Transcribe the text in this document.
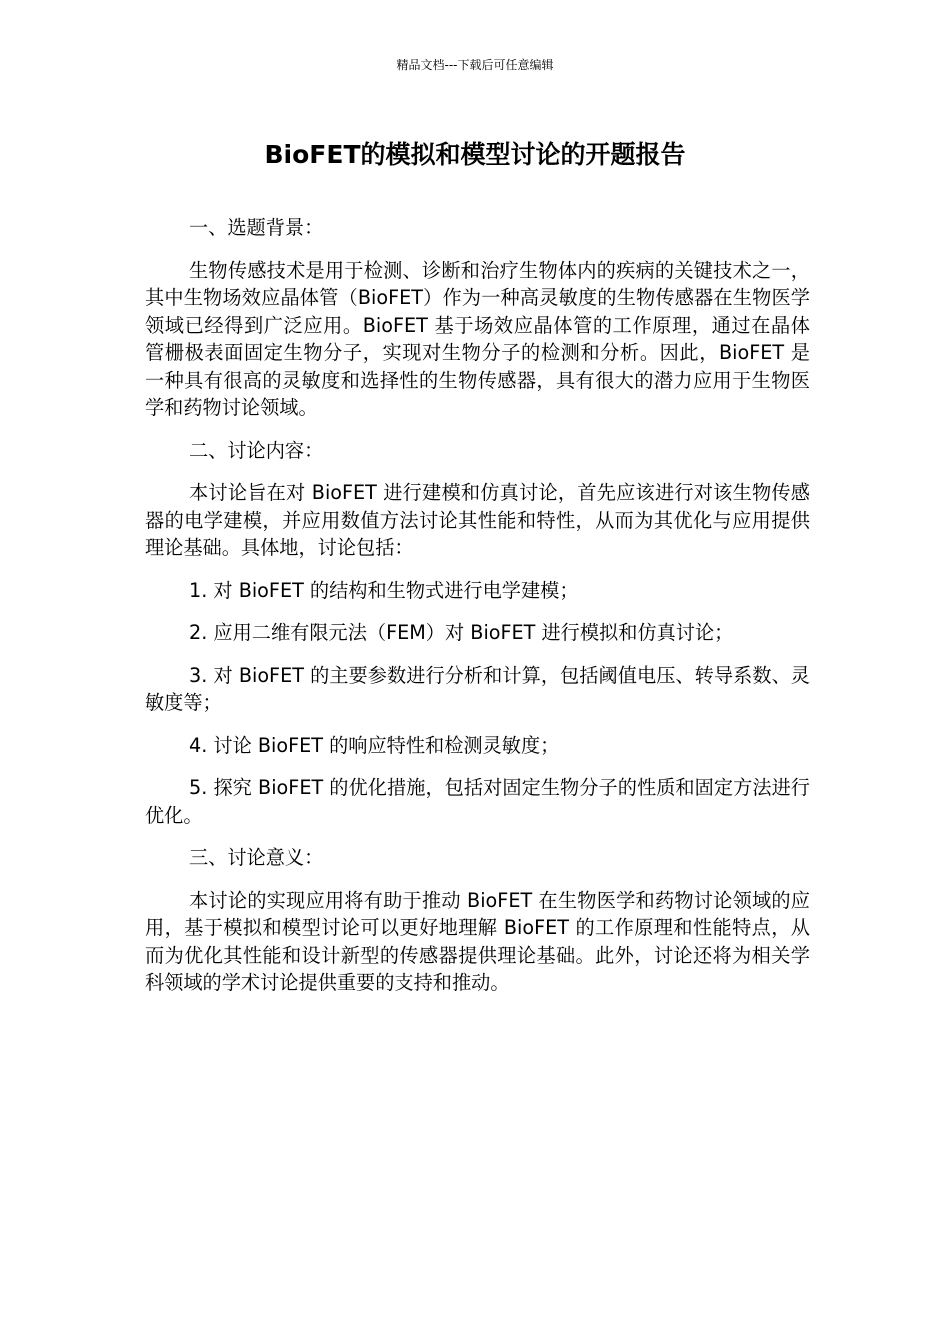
精品文档---下载后可任意编辑
BioFET的模拟和模型讨论的开题报告

一、选题背景：

生物传感技术是用于检测、诊断和治疗生物体内的疾病的关键技术之一，其中生物场效应晶体管（BioFET）作为一种高灵敏度的生物传感器在生物医学领域已经得到广泛应用。BioFET 基于场效应晶体管的工作原理，通过在晶体管栅极表面固定生物分子，实现对生物分子的检测和分析。因此，BioFET 是一种具有很高的灵敏度和选择性的生物传感器，具有很大的潜力应用于生物医学和药物讨论领域。

二、讨论内容：

本讨论旨在对 BioFET 进行建模和仿真讨论，首先应该进行对该生物传感器的电学建模，并应用数值方法讨论其性能和特性，从而为其优化与应用提供理论基础。具体地，讨论包括：

1. 对 BioFET 的结构和生物式进行电学建模；

2. 应用二维有限元法（FEM）对 BioFET 进行模拟和仿真讨论；

3. 对 BioFET 的主要参数进行分析和计算，包括阈值电压、转导系数、灵敏度等；

4. 讨论 BioFET 的响应特性和检测灵敏度；

5. 探究 BioFET 的优化措施，包括对固定生物分子的性质和固定方法进行优化。

三、讨论意义：

本讨论的实现应用将有助于推动 BioFET 在生物医学和药物讨论领域的应用，基于模拟和模型讨论可以更好地理解 BioFET 的工作原理和性能特点，从而为优化其性能和设计新型的传感器提供理论基础。此外，讨论还将为相关学科领域的学术讨论提供重要的支持和推动。
